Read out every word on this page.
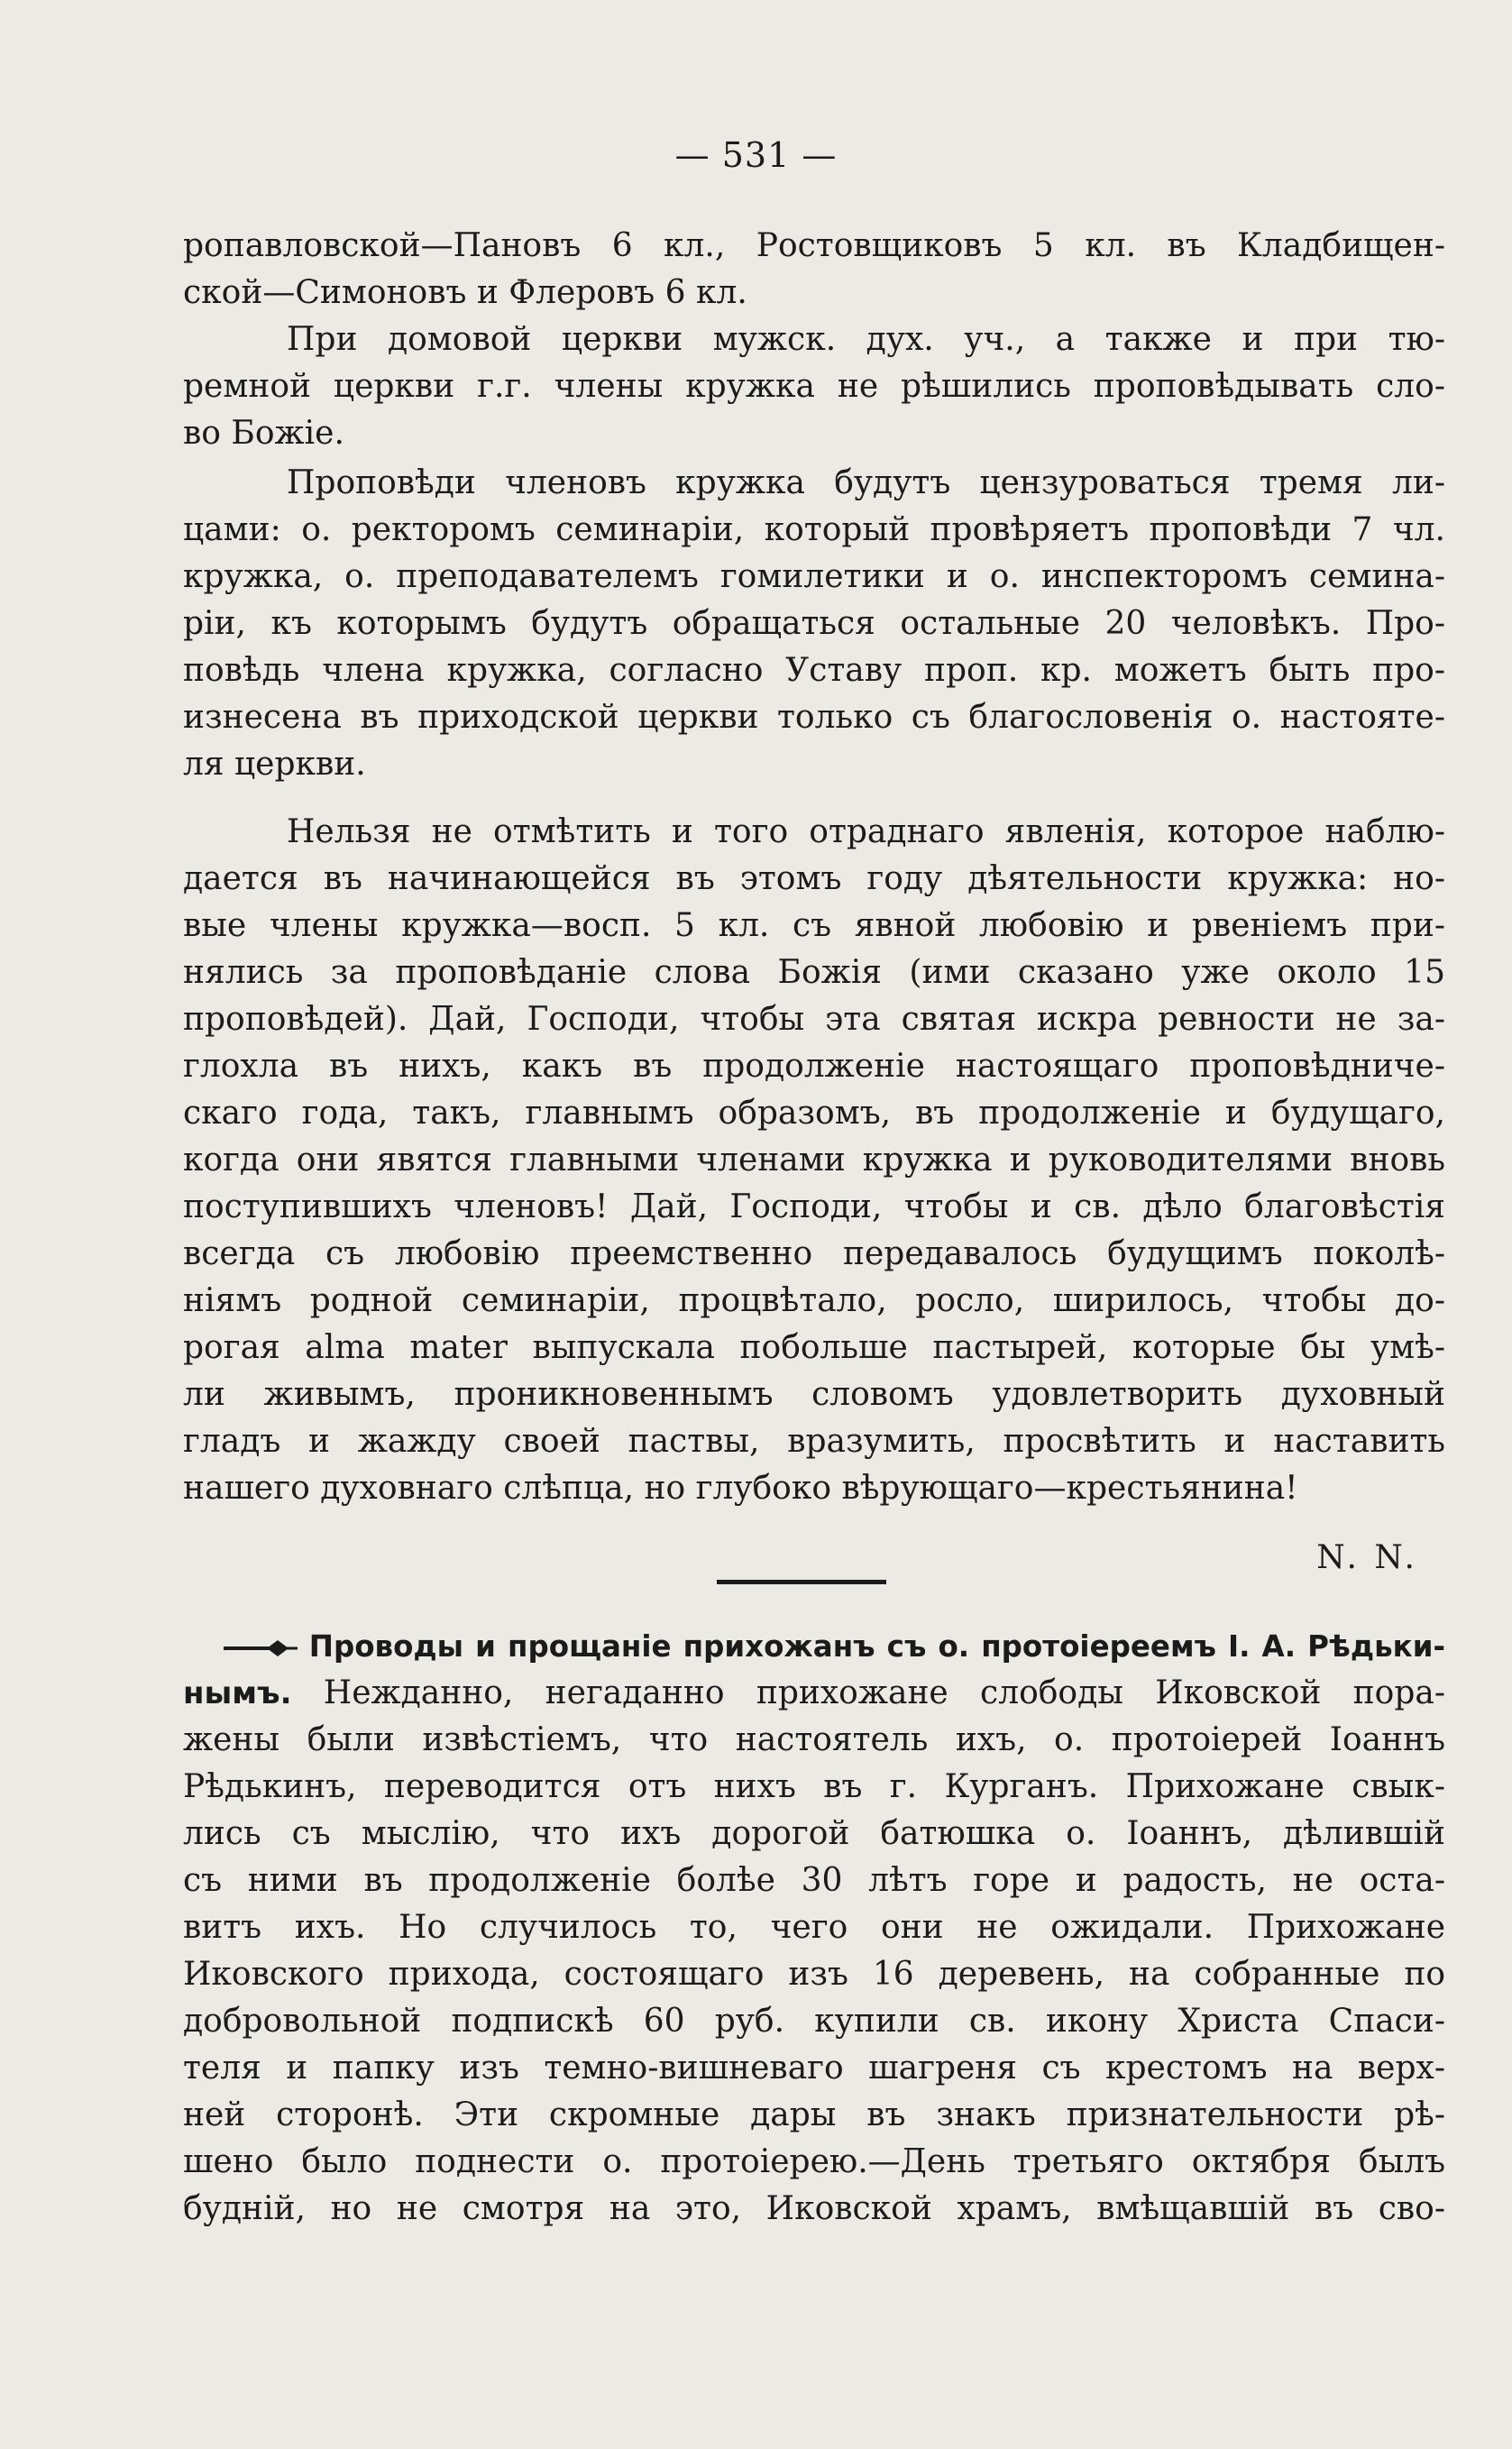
— 531 —
ропавловской—Пановъ 6 кл., Ростовщиковъ 5 кл. въ Кладбищен-
ской—Симоновъ и Флеровъ 6 кл.
При домовой церкви мужск. дух. уч., а также и при тю-
ремной церкви г.г. члены кружка не рѣшились проповѣдывать сло-
во Божіе.
Проповѣди членовъ кружка будутъ цензуроваться тремя ли-
цами: о. ректоромъ семинаріи, который провѣряетъ проповѣди 7 чл.
кружка, о. преподавателемъ гомилетики и о. инспекторомъ семина-
ріи, къ которымъ будутъ обращаться остальные 20 человѣкъ. Про-
повѣдь члена кружка, согласно Уставу проп. кр. можетъ быть про-
изнесена въ приходской церкви только съ благословенія о. настояте-
ля церкви.
Нельзя не отмѣтить и того отраднаго явленія, которое наблю-
дается въ начинающейся въ этомъ году дѣятельности кружка: но-
вые члены кружка—восп. 5 кл. съ явной любовію и рвеніемъ при-
нялись за проповѣданіе слова Божія (ими сказано уже около 15
проповѣдей). Дай, Господи, чтобы эта святая искра ревности не за-
глохла въ нихъ, какъ въ продолженіе настоящаго проповѣдниче-
скаго года, такъ, главнымъ образомъ, въ продолженіе и будущаго,
когда они явятся главными членами кружка и руководителями вновь
поступившихъ членовъ! Дай, Господи, чтобы и св. дѣло благовѣстія
всегда съ любовію преемственно передавалось будущимъ поколѣ-
ніямъ родной семинаріи, процвѣтало, росло, ширилось, чтобы до-
рогая alma mater выпускала побольше пастырей, которые бы умѣ-
ли живымъ, проникновеннымъ словомъ удовлетворить духовный
гладъ и жажду своей паствы, вразумить, просвѣтить и наставить
нашего духовнаго слѣпца, но глубоко вѣрующаго—крестьянина!
N. N.
Проводы и прощаніе прихожанъ съ о. протоіереемъ I. А. Рѣдьки-
нымъ. Нежданно, негаданно прихожане слободы Иковской пора-
жены были извѣстіемъ, что настоятель ихъ, о. протоіерей Іоаннъ
Рѣдькинъ, переводится отъ нихъ въ г. Курганъ. Прихожане свык-
лись съ мыслію, что ихъ дорогой батюшка о. Іоаннъ, дѣлившій
съ ними въ продолженіе болѣе 30 лѣтъ горе и радость, не оста-
витъ ихъ. Но случилось то, чего они не ожидали. Прихожане
Иковского прихода, состоящаго изъ 16 деревень, на собранные по
добровольной подпискѣ 60 руб. купили св. икону Христа Спаси-
теля и папку изъ темно-вишневаго шагреня съ крестомъ на верх-
ней сторонѣ. Эти скромные дары въ знакъ признательности рѣ-
шено было поднести о. протоіерею.—День третьяго октября былъ
будній, но не смотря на это, Иковской храмъ, вмѣщавшій въ сво-
